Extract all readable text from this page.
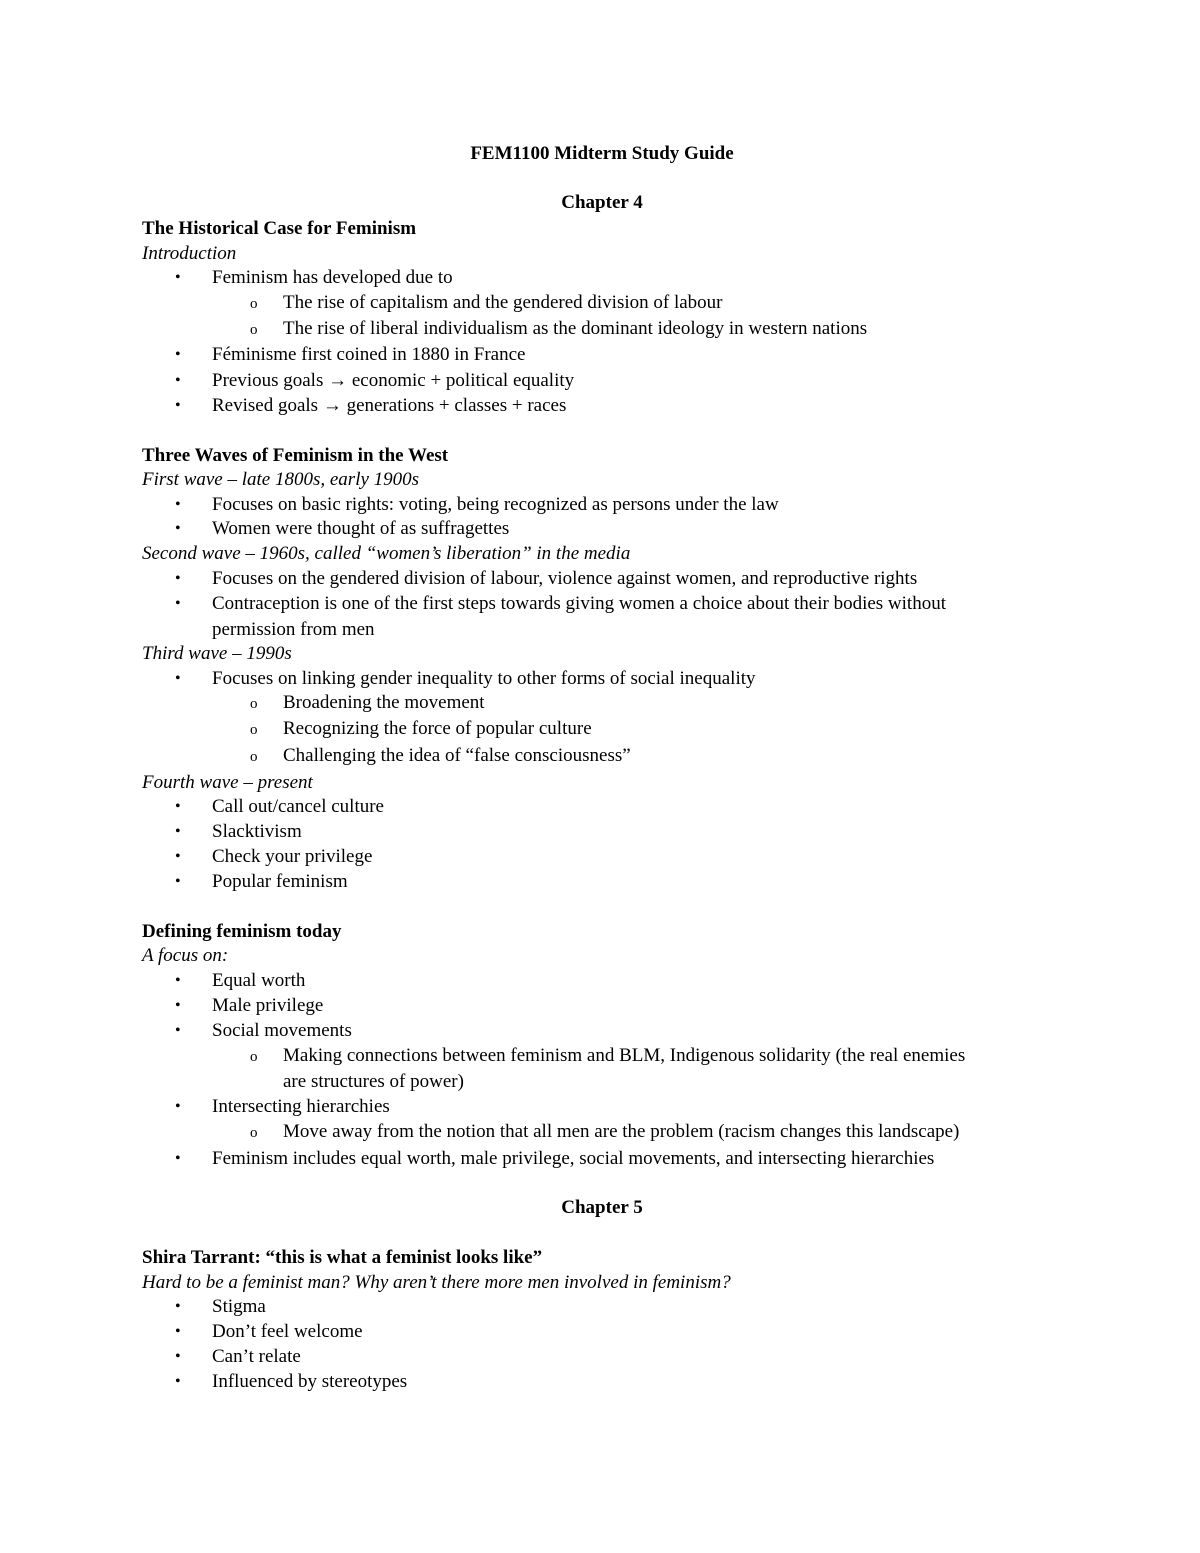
FEM1100 Midterm Study Guide
Chapter 4
The Historical Case for Feminism
Introduction
• Feminism has developed due to
o The rise of capitalism and the gendered division of labour
o The rise of liberal individualism as the dominant ideology in western nations
• Féminisme first coined in 1880 in France
• Previous goals → economic + political equality
• Revised goals → generations + classes + races
Three Waves of Feminism in the West
First wave – late 1800s, early 1900s
• Focuses on basic rights: voting, being recognized as persons under the law
• Women were thought of as suffragettes
Second wave – 1960s, called “women’s liberation” in the media
• Focuses on the gendered division of labour, violence against women, and reproductive rights
• Contraception is one of the first steps towards giving women a choice about their bodies without
permission from men
Third wave – 1990s
• Focuses on linking gender inequality to other forms of social inequality
o Broadening the movement
o Recognizing the force of popular culture
o Challenging the idea of “false consciousness”
Fourth wave – present
• Call out/cancel culture
• Slacktivism
• Check your privilege
• Popular feminism
Defining feminism today
A focus on:
• Equal worth
• Male privilege
• Social movements
o Making connections between feminism and BLM, Indigenous solidarity (the real enemies
are structures of power)
• Intersecting hierarchies
o Move away from the notion that all men are the problem (racism changes this landscape)
• Feminism includes equal worth, male privilege, social movements, and intersecting hierarchies
Chapter 5
Shira Tarrant: “this is what a feminist looks like”
Hard to be a feminist man? Why aren’t there more men involved in feminism?
• Stigma
• Don’t feel welcome
• Can’t relate
• Influenced by stereotypes
